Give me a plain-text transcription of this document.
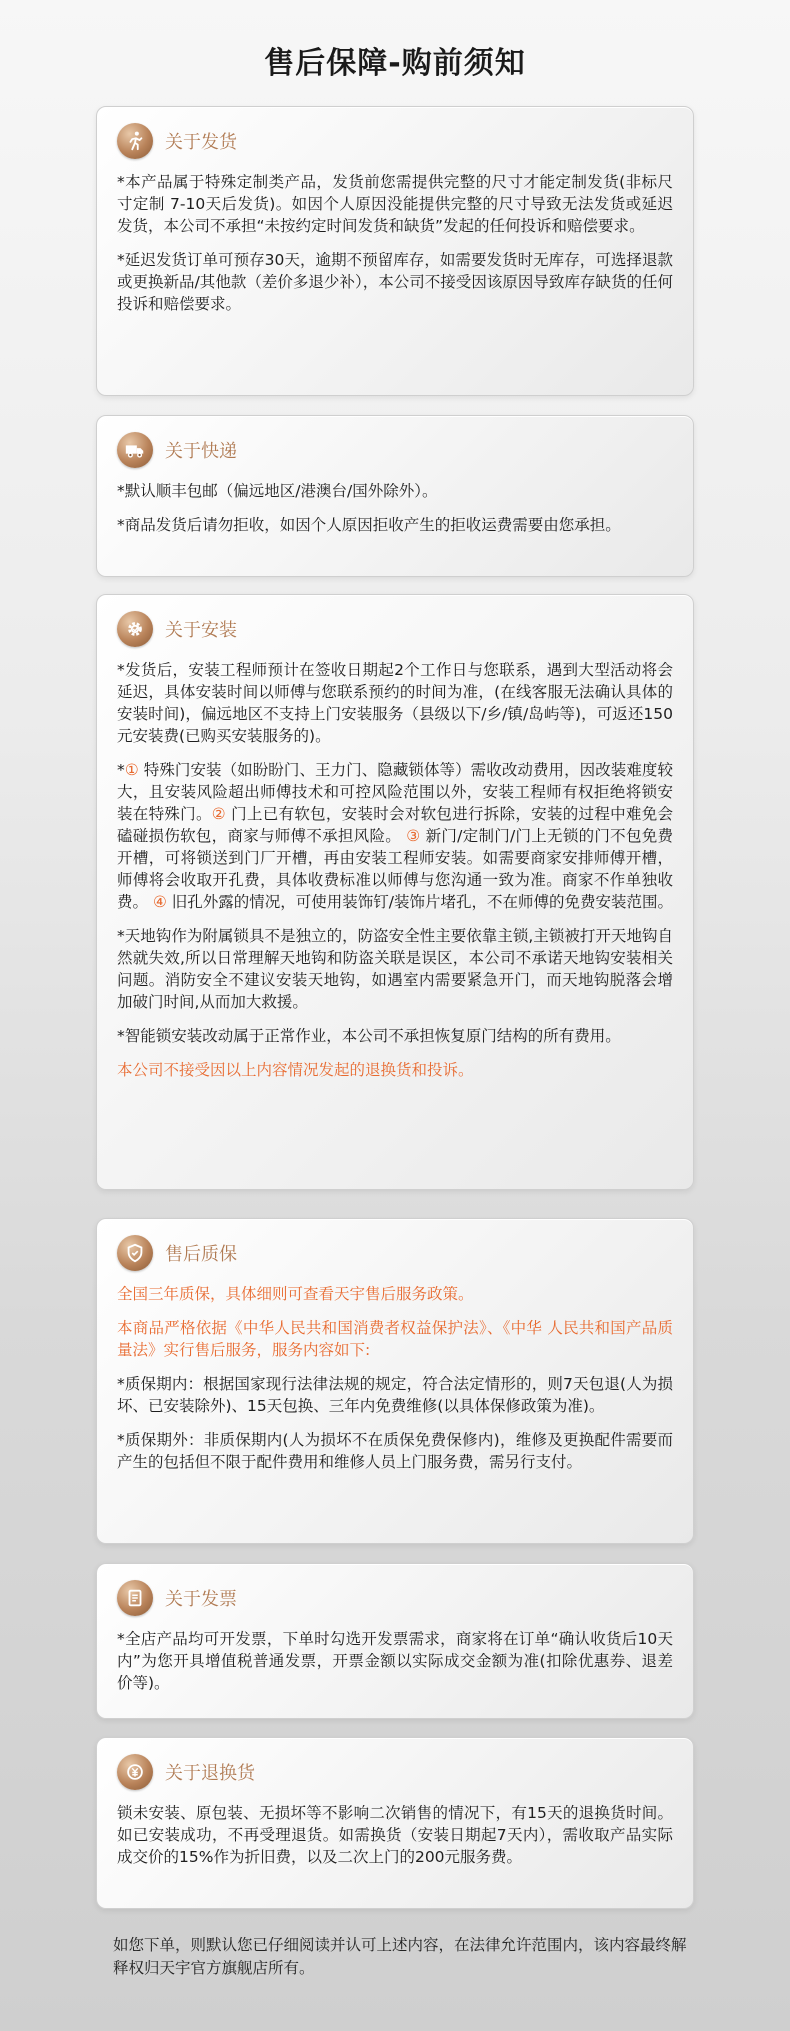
售后保障-购前须知
关于发货

*本产品属于特殊定制类产品，发货前您需提供完整的尺寸才能定制发货(非标尺寸定制 7-10天后发货)。如因个人原因没能提供完整的尺寸导致无法发货或延迟发货，本公司不承担“未按约定时间发货和缺货”发起的任何投诉和赔偿要求。

*延迟发货订单可预存30天，逾期不预留库存，如需要发货时无库存，可选择退款或更换新品/其他款（差价多退少补），本公司不接受因该原因导致库存缺货的任何投诉和赔偿要求。

关于快递

*默认顺丰包邮（偏远地区/港澳台/国外除外）。

*商品发货后请勿拒收，如因个人原因拒收产生的拒收运费需要由您承担。

关于安装

*发货后，安装工程师预计在签收日期起2个工作日与您联系，遇到大型活动将会延迟，具体安装时间以师傅与您联系预约的时间为准，(在线客服无法确认具体的安装时间)，偏远地区不支持上门安装服务（县级以下/乡/镇/岛屿等)，可返还150元安装费(已购买安装服务的)。

*① 特殊门安装（如盼盼门、王力门、隐藏锁体等）需收改动费用，因改装难度较大，且安装风险超出师傅技术和可控风险范围以外，安装工程师有权拒绝将锁安装在特殊门。② 门上已有软包，安装时会对软包进行拆除，安装的过程中难免会磕碰损伤软包，商家与师傅不承担风险。 ③ 新门/定制门/门上无锁的门不包免费开槽，可将锁送到门厂开槽，再由安装工程师安装。如需要商家安排师傅开槽，师傅将会收取开孔费，具体收费标准以师傅与您沟通一致为准。商家不作单独收费。 ④ 旧孔外露的情况，可使用装饰钉/装饰片堵孔，不在师傅的免费安装范围。

*天地钩作为附属锁具不是独立的，防盗安全性主要依靠主锁,主锁被打开天地钩自然就失效,所以日常理解天地钩和防盗关联是误区，本公司不承诺天地钩安装相关问题。消防安全不建议安装天地钩，如遇室内需要紧急开门，而天地钩脱落会增加破门时间,从而加大救援。

*智能锁安装改动属于正常作业，本公司不承担恢复原门结构的所有费用。

本公司不接受因以上内容情况发起的退换货和投诉。

售后质保

全国三年质保，具体细则可查看天宇售后服务政策。

本商品严格依据《中华人民共和国消费者权益保护法》、《中华 人民共和国产品质量法》实行售后服务，服务内容如下:

*质保期内：根据国家现行法律法规的规定，符合法定情形的，则7天包退(人为损坏、已安装除外)、15天包换、三年内免费维修(以具体保修政策为准)。

*质保期外：非质保期内(人为损坏不在质保免费保修内)，维修及更换配件需要而产生的包括但不限于配件费用和维修人员上门服务费，需另行支付。

关于发票

*全店产品均可开发票，下单时勾选开发票需求，商家将在订单“确认收货后10天内”为您开具增值税普通发票，开票金额以实际成交金额为准(扣除优惠券、退差价等)。

关于退换货

锁未安装、原包装、无损坏等不影响二次销售的情况下，有15天的退换货时间。如已安装成功，不再受理退货。如需换货（安装日期起7天内），需收取产品实际成交价的15%作为折旧费，以及二次上门的200元服务费。

如您下单，则默认您已仔细阅读并认可上述内容，在法律允许范围内，该内容最终解释权归天宇官方旗舰店所有。
